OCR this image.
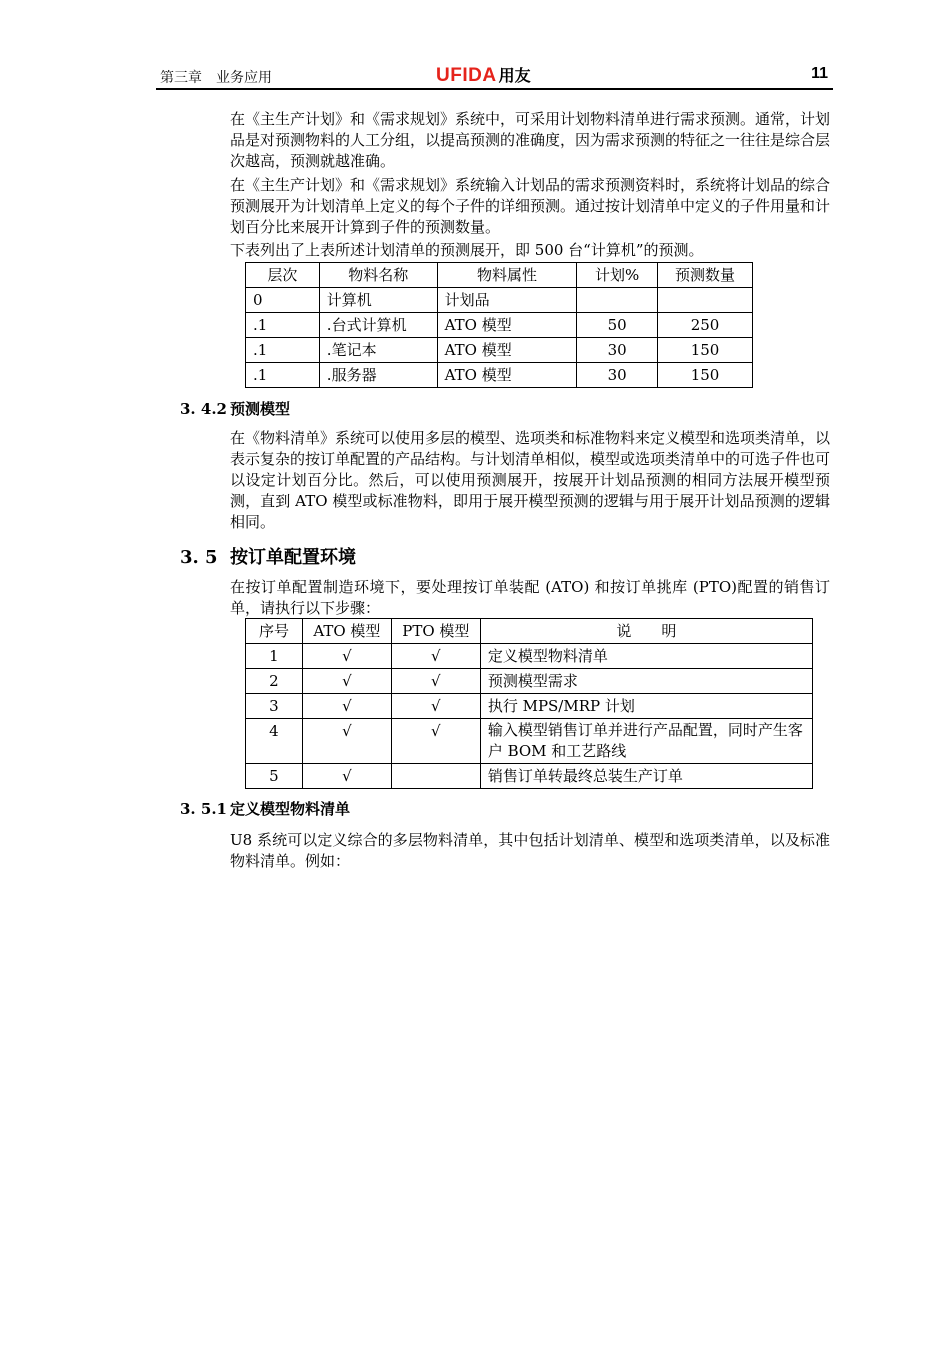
第三章　业务应用	UFIDA 用友	11
在《主生产计划》和《需求规划》系统中，可采用计划物料清单进行需求预测。通常，计划品是对预测物料的人工分组，以提高预测的准确度，因为需求预测的特征之一往往是综合层次越高，预测就越准确。
在《主生产计划》和《需求规划》系统输入计划品的需求预测资料时，系统将计划品的综合预测展开为计划清单上定义的每个子件的详细预测。通过按计划清单中定义的子件用量和计划百分比来展开计算到子件的预测数量。
下表列出了上表所述计划清单的预测展开，即 500 台“计算机”的预测。
层次	物料名称	物料属性	计划%	预测数量
0	计算机	计划品		
.1	.台式计算机	ATO 模型	50	250
.1	.笔记本	ATO 模型	30	150
.1	.服务器	ATO 模型	30	150
3. 4.2 预测模型
在《物料清单》系统可以使用多层的模型、选项类和标准物料来定义模型和选项类清单，以表示复杂的按订单配置的产品结构。与计划清单相似，模型或选项类清单中的可选子件也可以设定计划百分比。然后，可以使用预测展开，按展开计划品预测的相同方法展开模型预测，直到 ATO 模型或标准物料，即用于展开模型预测的逻辑与用于展开计划品预测的逻辑相同。
3. 5 按订单配置环境
在按订单配置制造环境下，要处理按订单装配 (ATO) 和按订单挑库 (PTO)配置的销售订单，请执行以下步骤：
序号	ATO 模型	PTO 模型	说　　明
1	√	√	定义模型物料清单
2	√	√	预测模型需求
3	√	√	执行 MPS/MRP 计划
4	√	√	输入模型销售订单并进行产品配置，同时产生客户 BOM 和工艺路线
5	√		销售订单转最终总装生产订单
3. 5.1 定义模型物料清单
U8 系统可以定义综合的多层物料清单，其中包括计划清单、模型和选项类清单，以及标准物料清单。例如：
